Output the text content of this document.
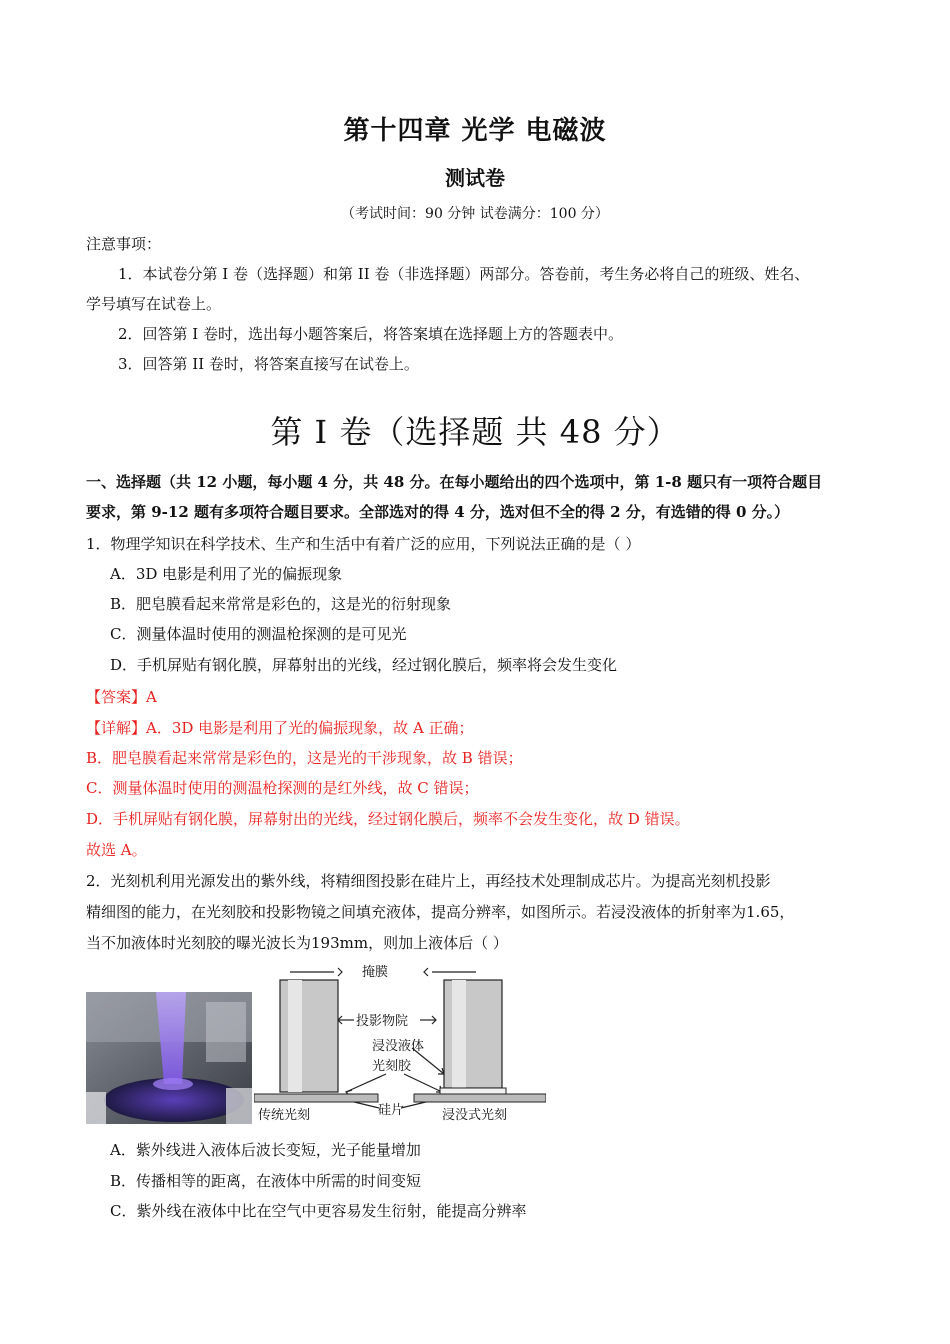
第十四章 光学 电磁波
测试卷
（考试时间：90 分钟 试卷满分：100 分）
注意事项：
1．本试卷分第 I 卷（选择题）和第 II 卷（非选择题）两部分。答卷前，考生务必将自己的班级、姓名、
学号填写在试卷上。
2．回答第 I 卷时，选出每小题答案后，将答案填在选择题上方的答题表中。
3．回答第 II 卷时，将答案直接写在试卷上。
第 I 卷（选择题 共 48 分）
一、选择题（共 12 小题，每小题 4 分，共 48 分。在每小题给出的四个选项中，第 1-8 题只有一项符合题目
要求，第 9-12 题有多项符合题目要求。全部选对的得 4 分，选对但不全的得 2 分，有选错的得 0 分。）
1．物理学知识在科学技术、生产和生活中有着广泛的应用，下列说法正确的是（ ）
A．3D 电影是利用了光的偏振现象
B．肥皂膜看起来常常是彩色的，这是光的衍射现象
C．测量体温时使用的测温枪探测的是可见光
D．手机屏贴有钢化膜，屏幕射出的光线，经过钢化膜后，频率将会发生变化
【答案】A
【详解】A．3D 电影是利用了光的偏振现象，故 A 正确；
B．肥皂膜看起来常常是彩色的，这是光的干涉现象，故 B 错误；
C．测量体温时使用的测温枪探测的是红外线，故 C 错误；
D．手机屏贴有钢化膜，屏幕射出的光线，经过钢化膜后，频率不会发生变化，故 D 错误。
故选 A。
2．光刻机利用光源发出的紫外线，将精细图投影在硅片上，再经技术处理制成芯片。为提高光刻机投影
精细图的能力，在光刻胶和投影物镜之间填充液体，提高分辨率，如图所示。若浸没液体的折射率为1.65，
当不加液体时光刻胶的曝光波长为193mm，则加上液体后（ ）
掩膜
投影物院
浸没液体
光刻胶
硅片
传统光刻	浸没式光刻
A．紫外线进入液体后波长变短，光子能量增加
B．传播相等的距离，在液体中所需的时间变短
C．紫外线在液体中比在空气中更容易发生衍射，能提高分辨率
